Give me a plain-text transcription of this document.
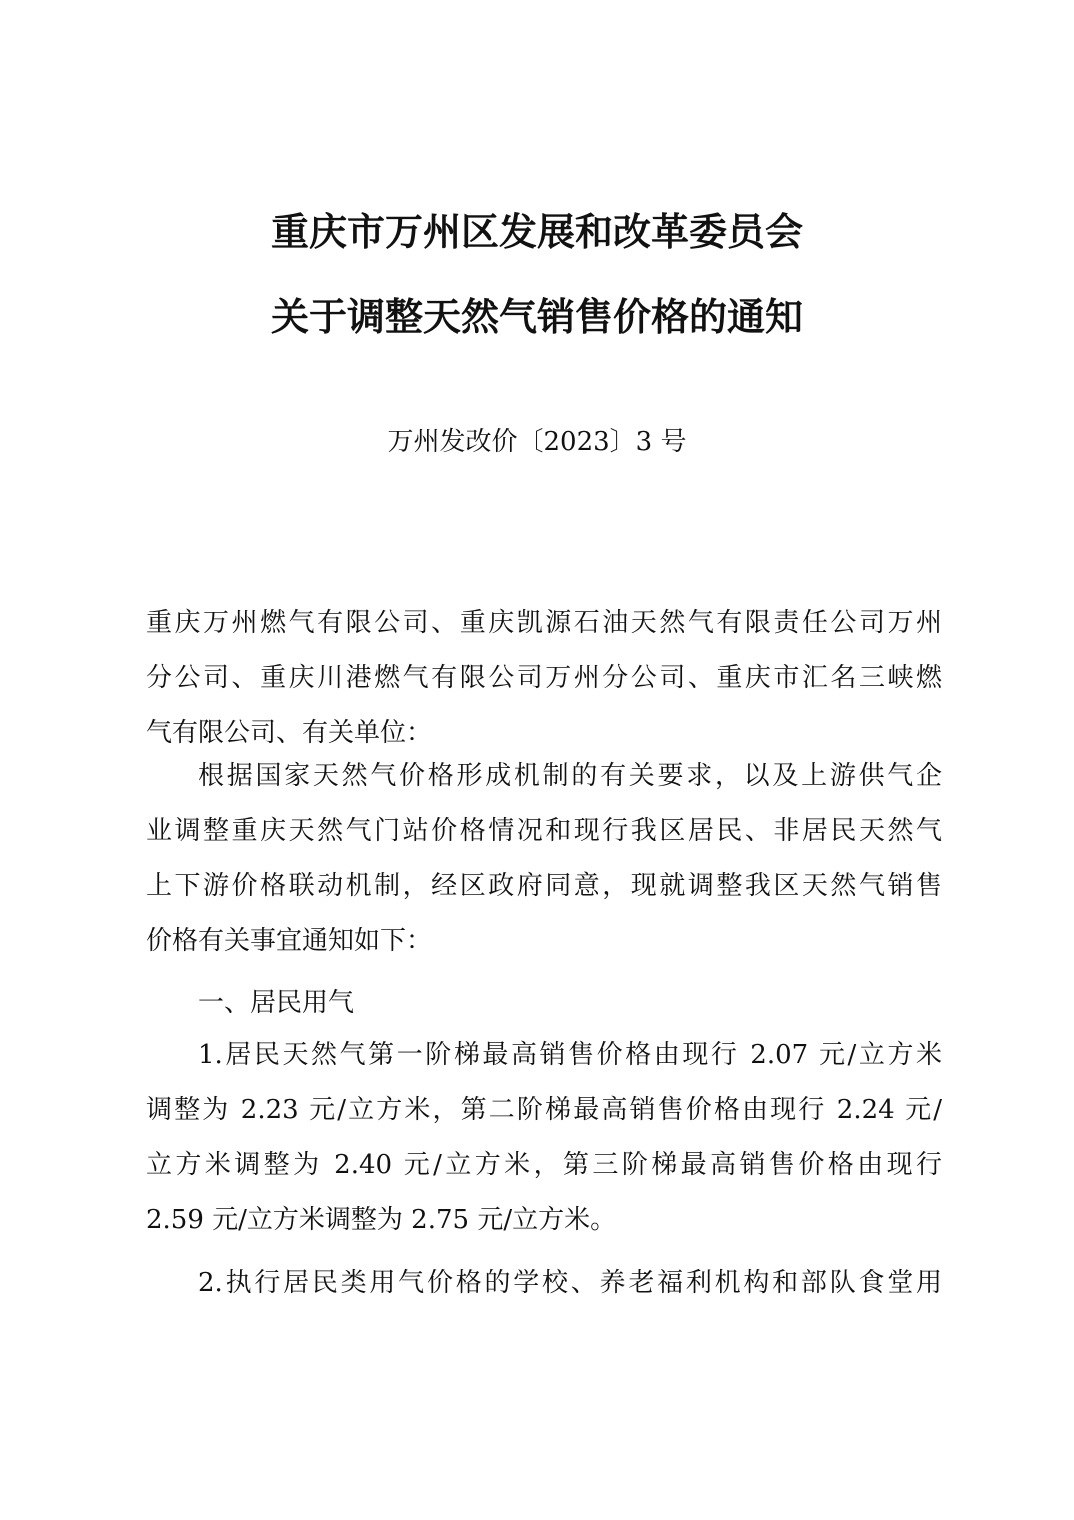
重庆市万州区发展和改革委员会
关于调整天然气销售价格的通知
万州发改价〔2023〕3 号
重庆万州燃气有限公司、重庆凯源石油天然气有限责任公司万州
分公司、重庆川港燃气有限公司万州分公司、重庆市汇名三峡燃
气有限公司、有关单位：
根据国家天然气价格形成机制的有关要求，以及上游供气企
业调整重庆天然气门站价格情况和现行我区居民、非居民天然气
上下游价格联动机制，经区政府同意，现就调整我区天然气销售
价格有关事宜通知如下：
一、居民用气
1.居民天然气第一阶梯最高销售价格由现行 2.07 元/立方米
调整为 2.23 元/立方米，第二阶梯最高销售价格由现行 2.24 元/
立方米调整为 2.40 元/立方米，第三阶梯最高销售价格由现行
2.59 元/立方米调整为 2.75 元/立方米。
2.执行居民类用气价格的学校、养老福利机构和部队食堂用
